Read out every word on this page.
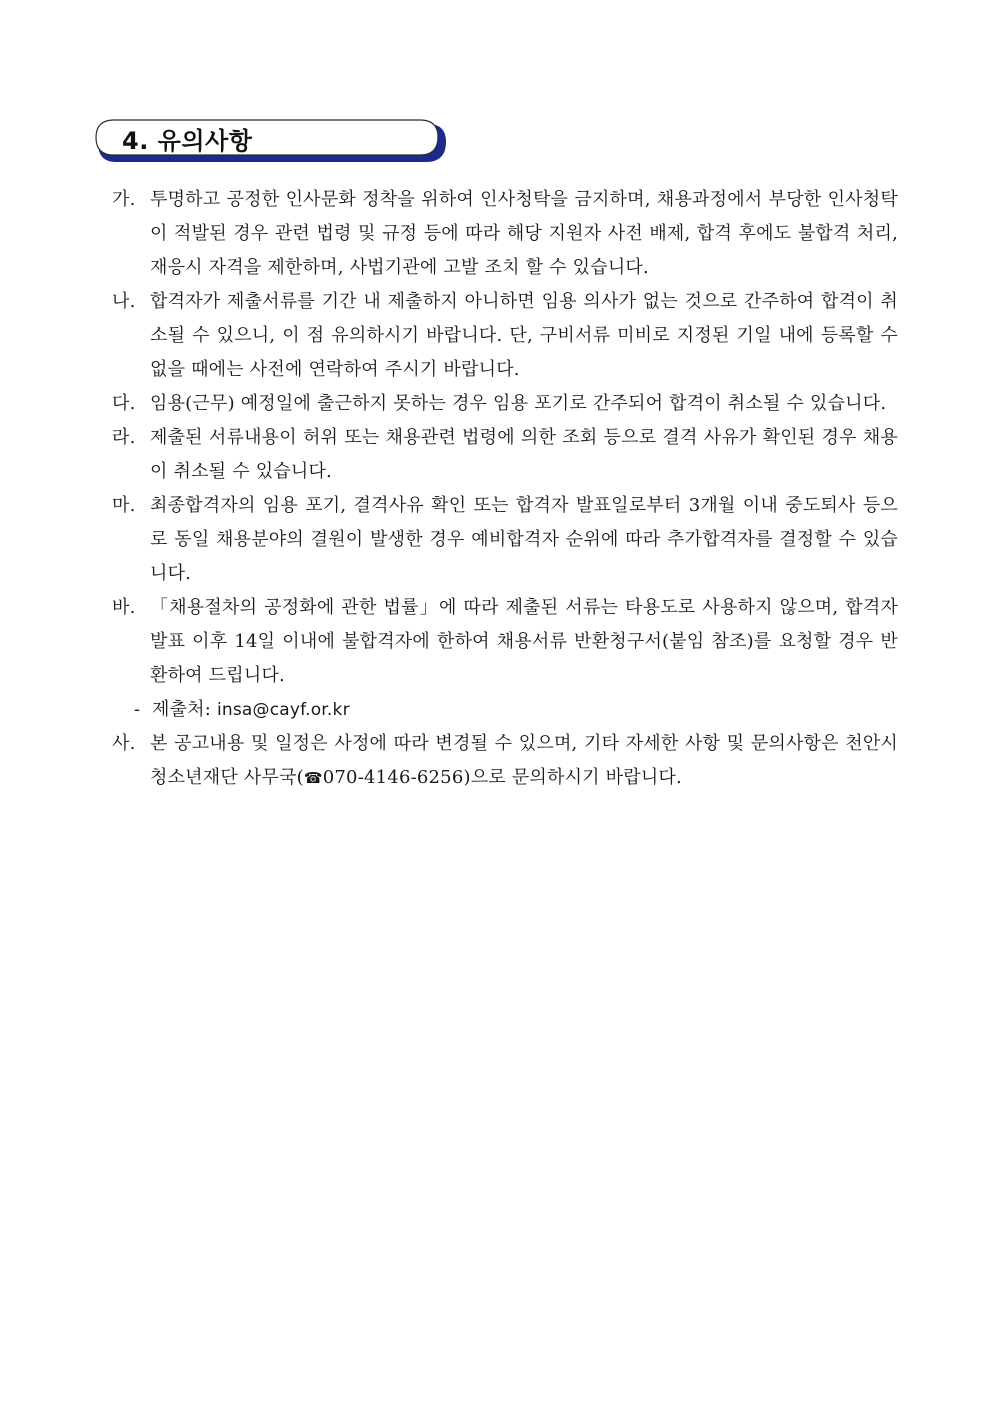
4. 유의사항
가. 투명하고 공정한 인사문화 정착을 위하여 인사청탁을 금지하며, 채용과정에서 부당한 인사청탁이 적발된 경우 관련 법령 및 규정 등에 따라 해당 지원자 사전 배제, 합격 후에도 불합격 처리, 재응시 자격을 제한하며, 사법기관에 고발 조치 할 수 있습니다.
나. 합격자가 제출서류를 기간 내 제출하지 아니하면 임용 의사가 없는 것으로 간주하여 합격이 취소될 수 있으니, 이 점 유의하시기 바랍니다. 단, 구비서류 미비로 지정된 기일 내에 등록할 수 없을 때에는 사전에 연락하여 주시기 바랍니다.
다. 임용(근무) 예정일에 출근하지 못하는 경우 임용 포기로 간주되어 합격이 취소될 수 있습니다.
라. 제출된 서류내용이 허위 또는 채용관련 법령에 의한 조회 등으로 결격 사유가 확인된 경우 채용이 취소될 수 있습니다.
마. 최종합격자의 임용 포기, 결격사유 확인 또는 합격자 발표일로부터 3개월 이내 중도퇴사 등으로 동일 채용분야의 결원이 발생한 경우 예비합격자 순위에 따라 추가합격자를 결정할 수 있습니다.
바. 「채용절차의 공정화에 관한 법률」에 따라 제출된 서류는 타용도로 사용하지 않으며, 합격자 발표 이후 14일 이내에 불합격자에 한하여 채용서류 반환청구서(붙임 참조)를 요청할 경우 반환하여 드립니다.
- 제출처: insa@cayf.or.kr
사. 본 공고내용 및 일정은 사정에 따라 변경될 수 있으며, 기타 자세한 사항 및 문의사항은 천안시청소년재단 사무국(☎070-4146-6256)으로 문의하시기 바랍니다.
